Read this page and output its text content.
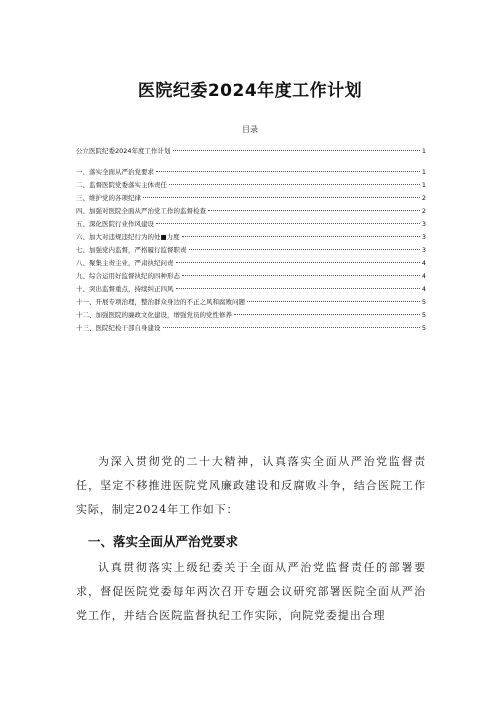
医院纪委2024年度工作计划
目录
公立医院纪委2024年度工作计划	1
一、落实全面从严治党要求	1
二、监督医院党委落实主体责任	1
三、维护党的各项纪律	2
四、加强对医院全面从严治党工作的监督检查	2
五、深化医院行业作风建设	3
六、加大对违规违纪行为的处■力度	3
七、加强党内监督，严格履行监督职责	3
八、聚集主责主业，严肃执纪问责	4
九、综合运用好监督执纪的四种形态	4
十、突出监督重点，持续纠正四风	4
十一、开展专项治理，整治群众身边的不正之风和腐败问题	5
十二、加强医院的廉政文化建设，增强党员的党性修养	5
十三、医院纪检干部自身建设	5
为深入贯彻党的二十大精神，认真落实全面从严治党监督责任，坚定不移推进医院党风廉政建设和反腐败斗争，结合医院工作实际，制定2024年工作如下：
一、落实全面从严治党要求
认真贯彻落实上级纪委关于全面从严治党监督责任的部署要求，督促医院党委每年两次召开专题会议研究部署医院全面从严治党工作，并结合医院监督执纪工作实际，向院党委提出合理
